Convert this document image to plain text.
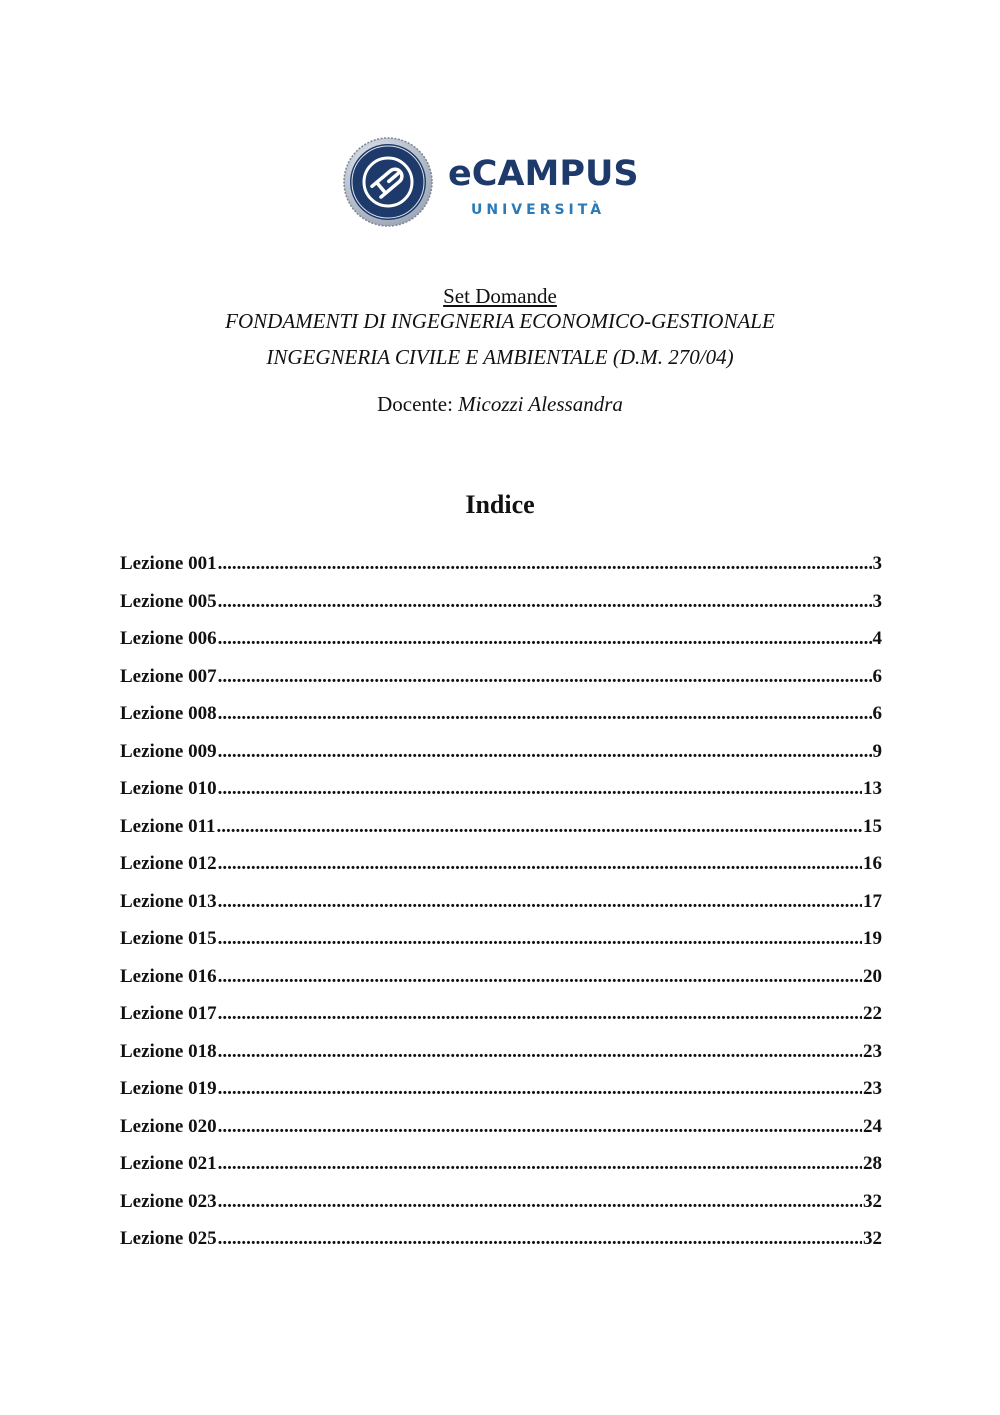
eCAMPUS
UNIVERSITÀ

Set Domande

FONDAMENTI DI INGEGNERIA ECONOMICO-GESTIONALE

INGEGNERIA CIVILE E AMBIENTALE (D.M. 270/04)

Docente: Micozzi Alessandra

Indice
Lezione 001 .....	3
Lezione 005 .....	3
Lezione 006 .....	4
Lezione 007 .....	6
Lezione 008 .....	6
Lezione 009 .....	9
Lezione 010 .....	13
Lezione 011 .....	15
Lezione 012 .....	16
Lezione 013 .....	17
Lezione 015 .....	19
Lezione 016 .....	20
Lezione 017 .....	22
Lezione 018 .....	23
Lezione 019 .....	23
Lezione 020 .....	24
Lezione 021 .....	28
Lezione 023 .....	32
Lezione 025 .....	32
